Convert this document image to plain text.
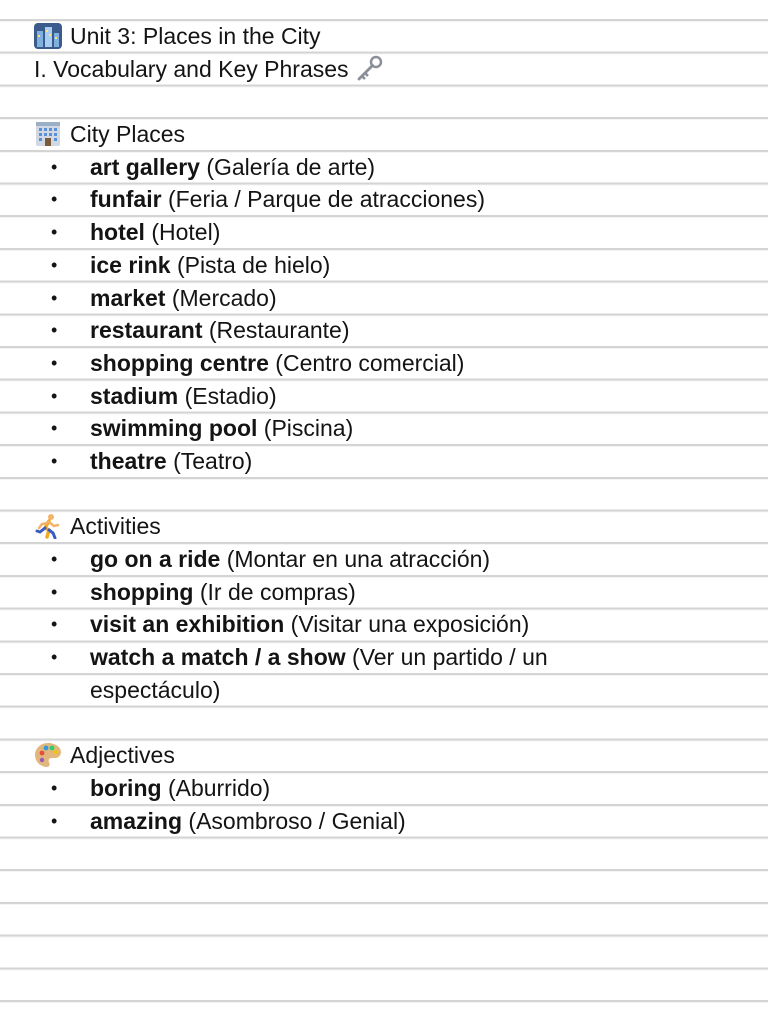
Unit 3: Places in the City
I. Vocabulary and Key Phrases
City Places
• art gallery (Galería de arte)
• funfair (Feria / Parque de atracciones)
• hotel (Hotel)
• ice rink (Pista de hielo)
• market (Mercado)
• restaurant (Restaurante)
• shopping centre (Centro comercial)
• stadium (Estadio)
• swimming pool (Piscina)
• theatre (Teatro)
Activities
• go on a ride (Montar en una atracción)
• shopping (Ir de compras)
• visit an exhibition (Visitar una exposición)
• watch a match / a show (Ver un partido / un
espectáculo)
Adjectives
• boring (Aburrido)
• amazing (Asombroso / Genial)
